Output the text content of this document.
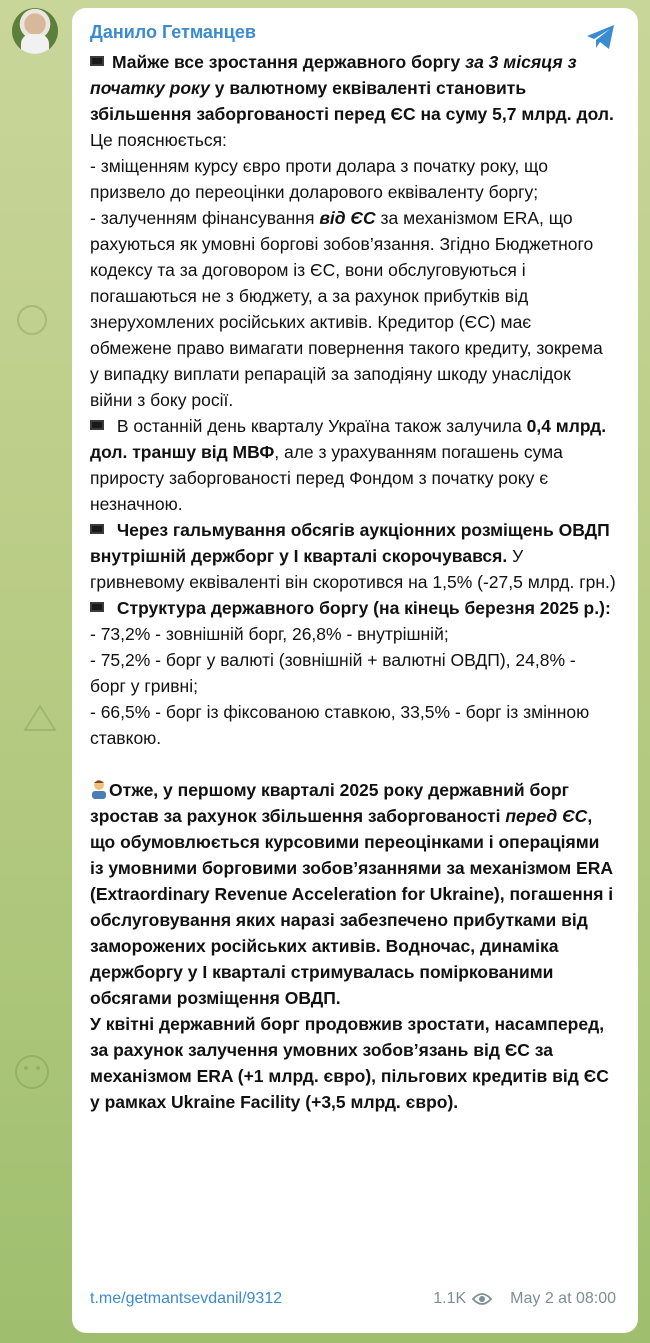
Данило Гетманцев

Майже все зростання державного боргу за 3 місяця з початку року у валютному еквіваленті становить збільшення заборгованості перед ЄС на суму 5,7 млрд. дол. Це пояснюється:

- зміщенням курсу євро проти долара з початку року, що призвело до переоцінки доларового еквіваленту боргу;

- залученням фінансування від ЄС за механізмом ERA, що рахуються як умовні боргові зобов’язання. Згідно Бюджетного кодексу та за договором із ЄС, вони обслуговуються і погашаються не з бюджету, а за рахунок прибутків від знерухомлених російських активів. Кредитор (ЄС) має обмежене право вимагати повернення такого кредиту, зокрема у випадку виплати репарацій за заподіяну шкоду унаслідок війни з боку росії.

В останній день кварталу Україна також залучила 0,4 млрд. дол. траншу від МВФ, але з урахуванням погашень сума приросту заборгованості перед Фондом з початку року є незначною.

Через гальмування обсягів аукціонних розміщень ОВДП внутрішній держборг у І кварталі скорочувався. У гривневому еквіваленті він скоротився на 1,5% (-27,5 млрд. грн.)

Структура державного боргу (на кінець березня 2025 р.):

- 73,2% - зовнішній борг, 26,8% - внутрішній;

- 75,2% - борг у валюті (зовнішній + валютні ОВДП), 24,8% - борг у гривні;

- 66,5% - борг із фіксованою ставкою, 33,5% - борг із змінною ставкою.

Отже, у першому кварталі 2025 року державний борг зростав за рахунок збільшення заборгованості перед ЄС, що обумовлюється курсовими переоцінками і операціями із умовними борговими зобов’язаннями за механізмом ERA (Extraordinary Revenue Acceleration for Ukraine), погашення і обслуговування яких наразі забезпечено прибутками від заморожених російських активів. Водночас, динаміка держборгу у І кварталі стримувалась поміркованими обсягами розміщення ОВДП.

У квітні державний борг продовжив зростати, насамперед, за рахунок залучення умовних зобов’язань від ЄС за механізмом ERA (+1 млрд. євро), пільгових кредитів від ЄС у рамках Ukraine Facility (+3,5 млрд. євро).

t.me/getmantsevdanil/9312	1.1K	May 2 at 08:00
